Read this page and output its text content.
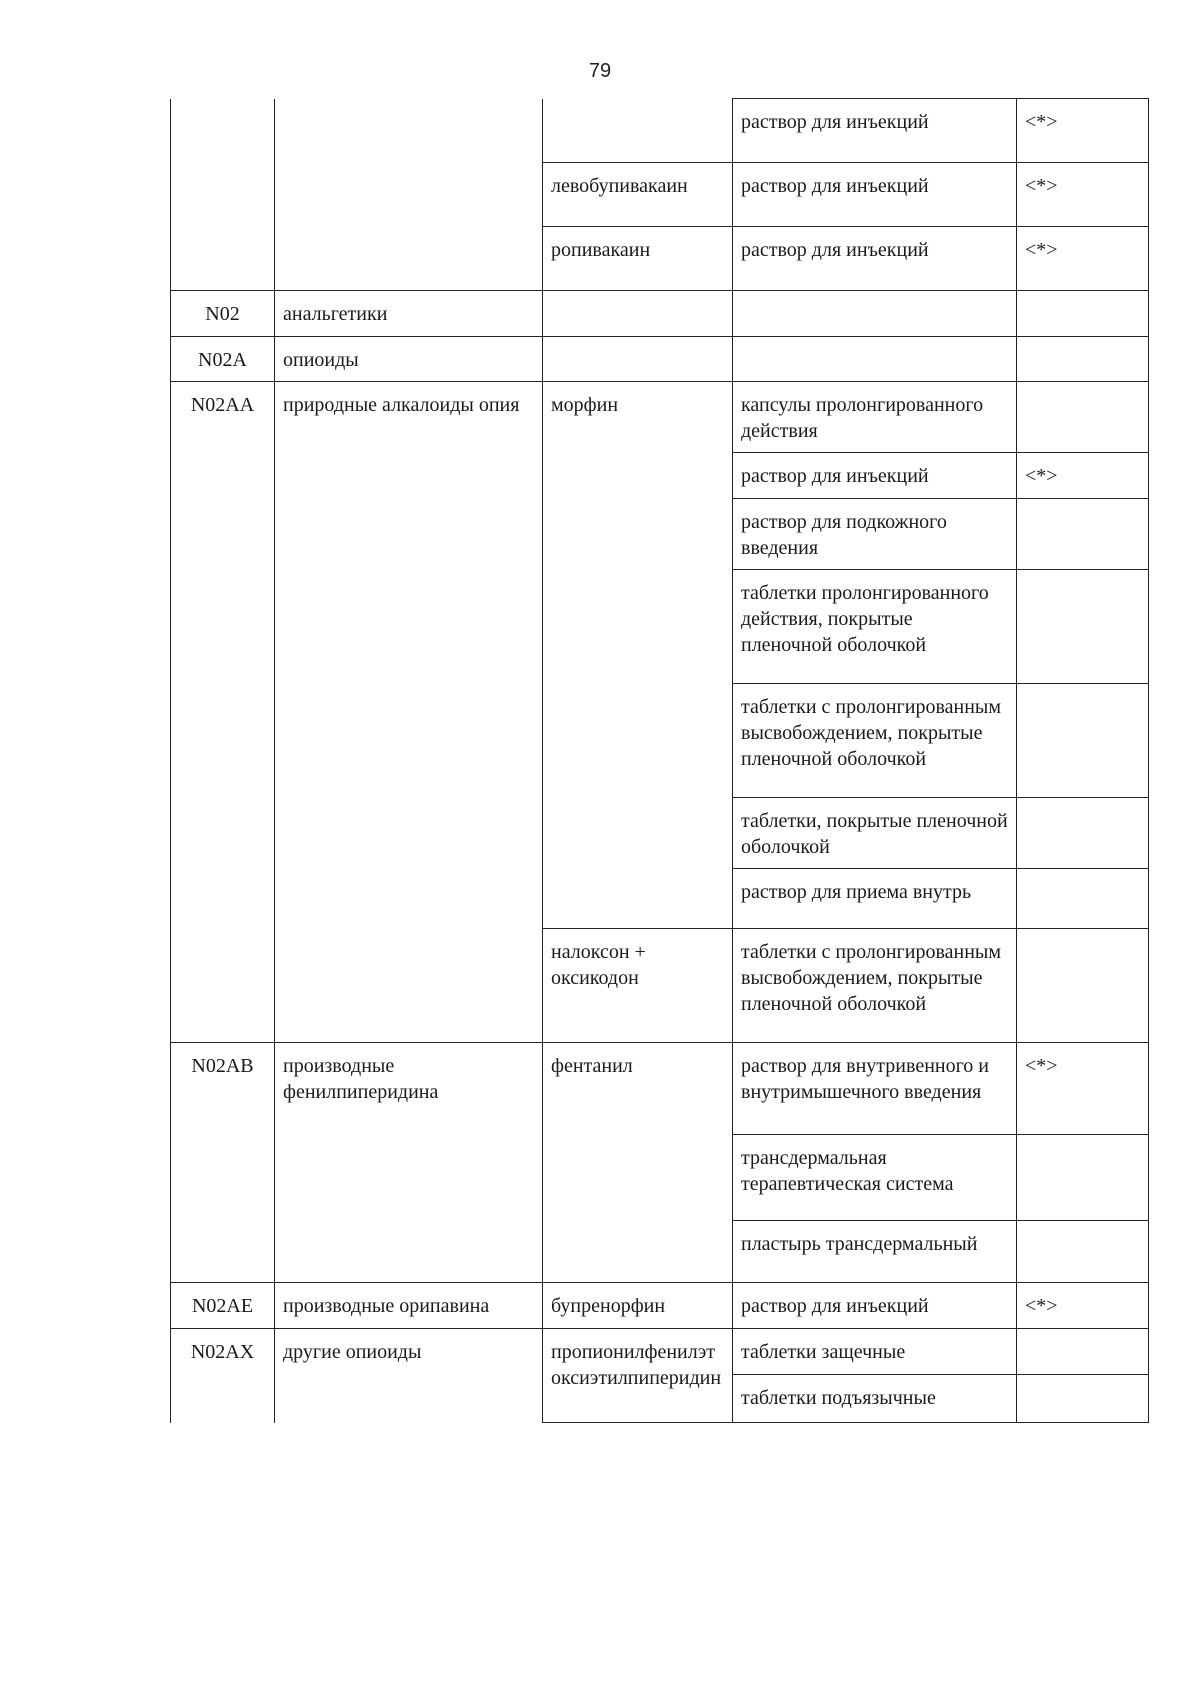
79
			раствор для инъекций	<*>
		левобупивакаин	раствор для инъекций	<*>
		ропивакаин	раствор для инъекций	<*>
N02	анальгетики			
N02A	опиоиды			
N02AA	природные алкалоиды опия	морфин	капсулы пролонгированного действия	
			раствор для инъекций	<*>
			раствор для подкожного введения	
			таблетки пролонгированного действия, покрытые пленочной оболочкой	
			таблетки с пролонгированным высвобождением, покрытые пленочной оболочкой	
			таблетки, покрытые пленочной оболочкой	
			раствор для приема внутрь	
		налоксон + оксикодон	таблетки с пролонгированным высвобождением, покрытые пленочной оболочкой	
N02AB	производные фенилпиперидина	фентанил	раствор для внутривенного и внутримышечного введения	<*>
			трансдермальная терапевтическая система	
			пластырь трансдермальный	
N02AE	производные орипавина	бупренорфин	раствор для инъекций	<*>
N02AX	другие опиоиды	пропионилфенилэтоксиэтилпиперидин	таблетки защечные	
			таблетки подъязычные	
